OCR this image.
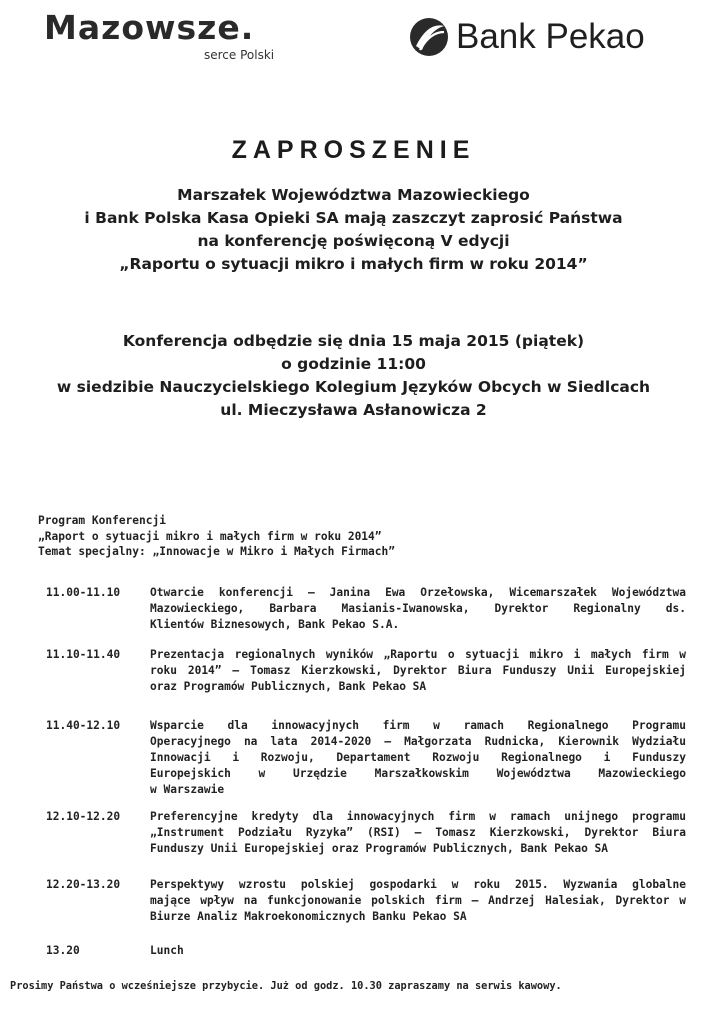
Mazowsze.
serce Polski	Bank Pekao
ZAPROSZENIE
Marszałek Województwa Mazowieckiego
i Bank Polska Kasa Opieki SA mają zaszczyt zaprosić Państwa
na konferencję poświęconą V edycji
„Raportu o sytuacji mikro i małych firm w roku 2014”
Konferencja odbędzie się dnia 15 maja 2015 (piątek)
o godzinie 11:00
w siedzibie Nauczycielskiego Kolegium Języków Obcych w Siedlcach
ul. Mieczysława Asłanowicza 2
Program Konferencji
„Raport o sytuacji mikro i małych firm w roku 2014”
Temat specjalny: „Innowacje w Mikro i Małych Firmach”
11.00-11.10	Otwarcie konferencji – Janina Ewa Orzełowska, Wicemarszałek Województwa
Mazowieckiego, Barbara Masianis-Iwanowska, Dyrektor Regionalny ds.
Klientów Biznesowych, Bank Pekao S.A.
11.10-11.40	Prezentacja regionalnych wyników „Raportu o sytuacji mikro i małych firm w
roku 2014” – Tomasz Kierzkowski, Dyrektor Biura Funduszy Unii Europejskiej
oraz Programów Publicznych, Bank Pekao SA
11.40-12.10	Wsparcie dla innowacyjnych firm w ramach Regionalnego Programu
Operacyjnego na lata 2014-2020 – Małgorzata Rudnicka, Kierownik Wydziału
Innowacji i Rozwoju, Departament Rozwoju Regionalnego i Funduszy
Europejskich w Urzędzie Marszałkowskim Województwa Mazowieckiego
w Warszawie
12.10-12.20	Preferencyjne kredyty dla innowacyjnych firm w ramach unijnego programu
„Instrument Podziału Ryzyka” (RSI) – Tomasz Kierzkowski, Dyrektor Biura
Funduszy Unii Europejskiej oraz Programów Publicznych, Bank Pekao SA
12.20-13.20	Perspektywy wzrostu polskiej gospodarki w roku 2015. Wyzwania globalne
mające wpływ na funkcjonowanie polskich firm – Andrzej Halesiak, Dyrektor w
Biurze Analiz Makroekonomicznych Banku Pekao SA
13.20	Lunch
Prosimy Państwa o wcześniejsze przybycie. Już od godz. 10.30 zapraszamy na serwis kawowy.
